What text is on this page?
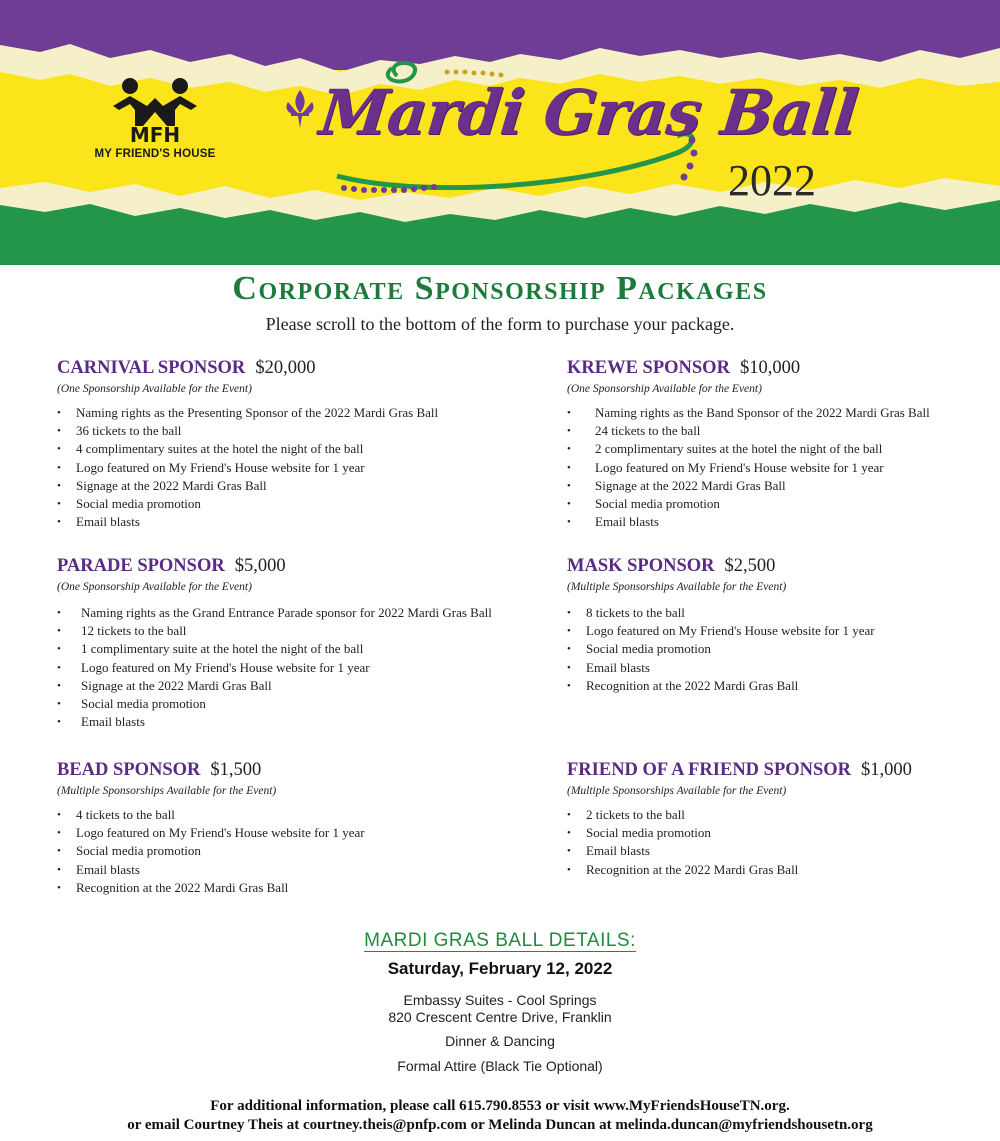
MFH
MY FRIEND'S HOUSE
Mardi Gras Ball
2022
Corporate Sponsorship Packages
Please scroll to the bottom of the form to purchase your package.
CARNIVAL SPONSOR $20,000
(One Sponsorship Available for the Event)
• Naming rights as the Presenting Sponsor of the 2022 Mardi Gras Ball
• 36 tickets to the ball
• 4 complimentary suites at the hotel the night of the ball
• Logo featured on My Friend's House website for 1 year
• Signage at the 2022 Mardi Gras Ball
• Social media promotion
• Email blasts
KREWE SPONSOR $10,000
(One Sponsorship Available for the Event)
• Naming rights as the Band Sponsor of the 2022 Mardi Gras Ball
• 24 tickets to the ball
• 2 complimentary suites at the hotel the night of the ball
• Logo featured on My Friend's House website for 1 year
• Signage at the 2022 Mardi Gras Ball
• Social media promotion
• Email blasts
PARADE SPONSOR $5,000
(One Sponsorship Available for the Event)
• Naming rights as the Grand Entrance Parade sponsor for 2022 Mardi Gras Ball
• 12 tickets to the ball
• 1 complimentary suite at the hotel the night of the ball
• Logo featured on My Friend's House website for 1 year
• Signage at the 2022 Mardi Gras Ball
• Social media promotion
• Email blasts
MASK SPONSOR $2,500
(Multiple Sponsorships Available for the Event)
• 8 tickets to the ball
• Logo featured on My Friend's House website for 1 year
• Social media promotion
• Email blasts
• Recognition at the 2022 Mardi Gras Ball
BEAD SPONSOR $1,500
(Multiple Sponsorships Available for the Event)
• 4 tickets to the ball
• Logo featured on My Friend's House website for 1 year
• Social media promotion
• Email blasts
• Recognition at the 2022 Mardi Gras Ball
FRIEND OF A FRIEND SPONSOR $1,000
(Multiple Sponsorships Available for the Event)
• 2 tickets to the ball
• Social media promotion
• Email blasts
• Recognition at the 2022 Mardi Gras Ball
MARDI GRAS BALL DETAILS:
Saturday, February 12, 2022
Embassy Suites - Cool Springs
820 Crescent Centre Drive, Franklin
Dinner & Dancing
Formal Attire (Black Tie Optional)
For additional information, please call 615.790.8553 or visit www.MyFriendsHouseTN.org.
or email Courtney Theis at courtney.theis@pnfp.com or Melinda Duncan at melinda.duncan@myfriendshousetn.org
